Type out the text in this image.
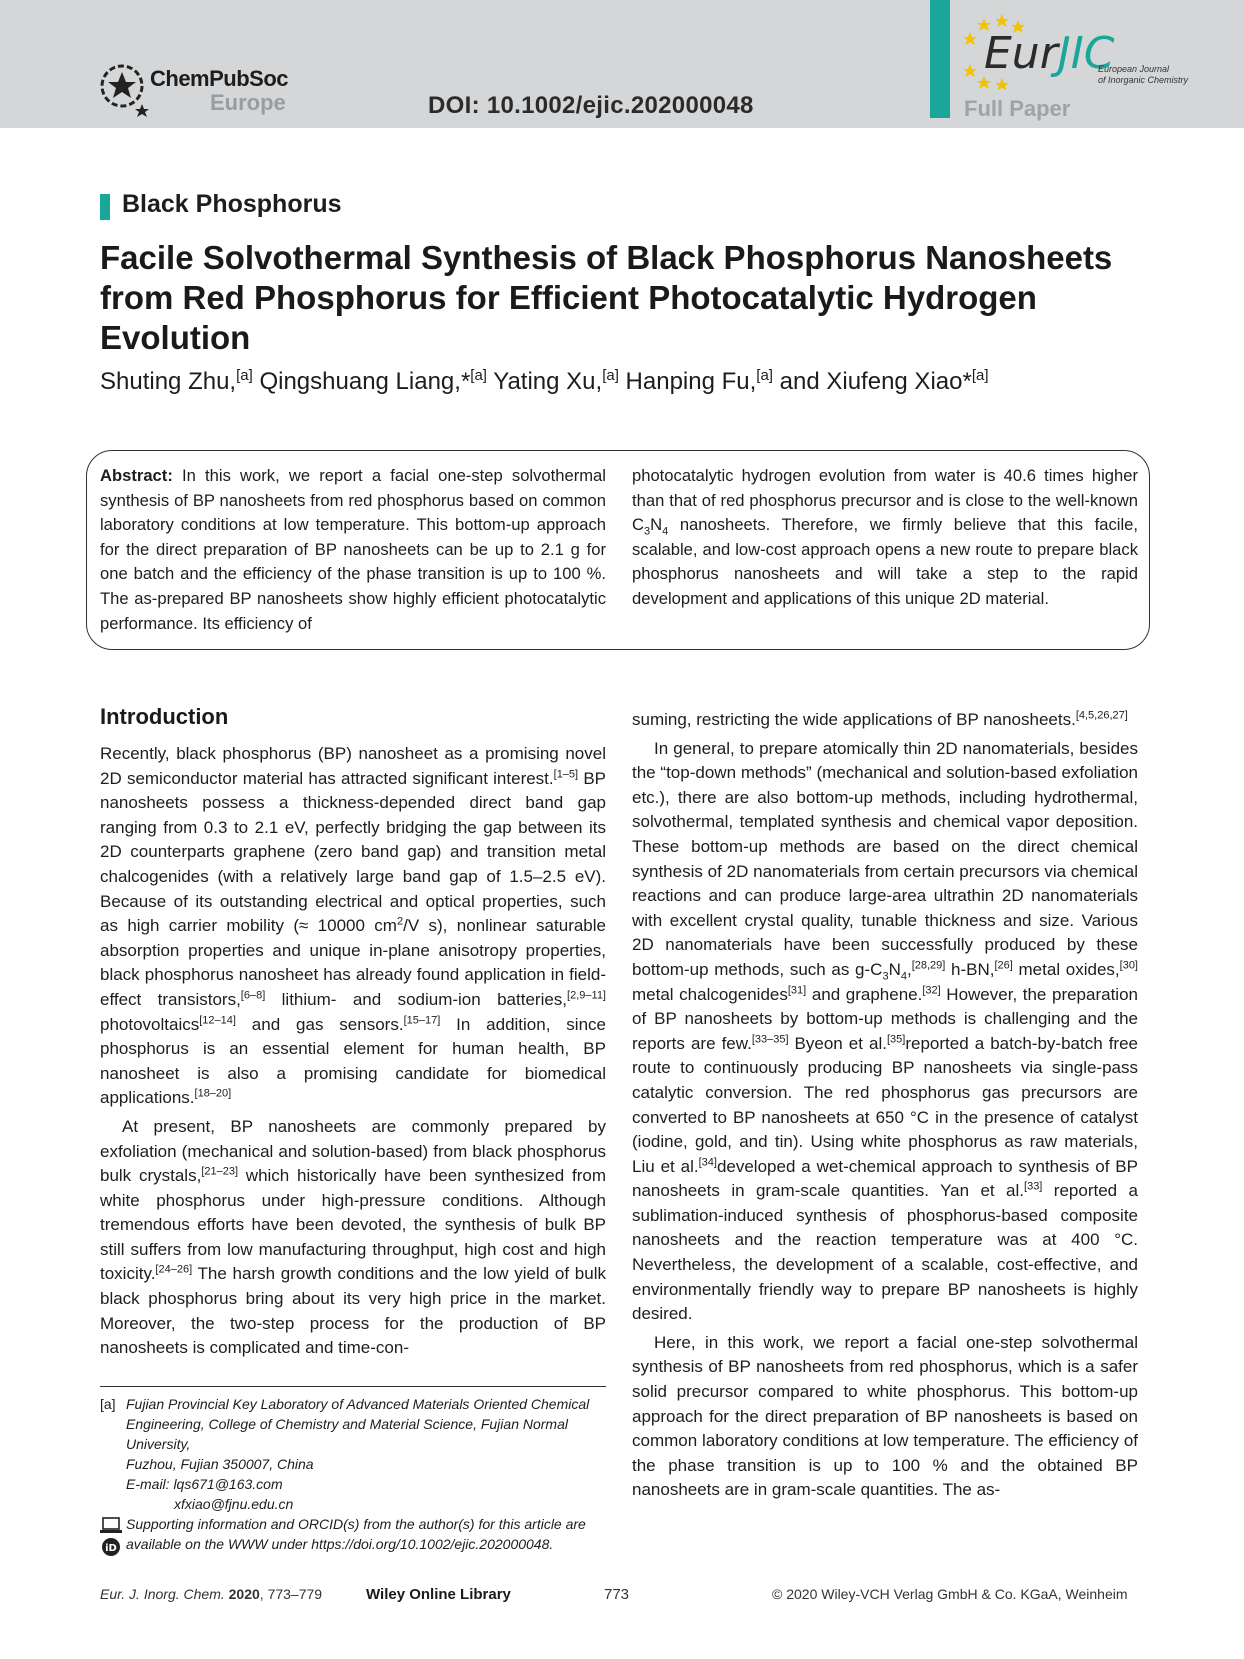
ChemPubSoc
Europe	DOI: 10.1002/ejic.202000048
EurJIC
European Journal
of Inorganic Chemistry
Full Paper
Black Phosphorus
Facile Solvothermal Synthesis of Black Phosphorus Nanosheets from Red Phosphorus for Efficient Photocatalytic Hydrogen Evolution
Shuting Zhu,[a] Qingshuang Liang,*[a] Yating Xu,[a] Hanping Fu,[a] and Xiufeng Xiao*[a]
Abstract: In this work, we report a facial one-step solvothermal synthesis of BP nanosheets from red phosphorus based on common laboratory conditions at low temperature. This bottom-up approach for the direct preparation of BP nanosheets can be up to 2.1 g for one batch and the efficiency of the phase transition is up to 100 %. The as-prepared BP nanosheets show highly efficient photocatalytic performance. Its efficiency of
photocatalytic hydrogen evolution from water is 40.6 times higher than that of red phosphorus precursor and is close to the well-known $C_3N_4$ nanosheets. Therefore, we firmly believe that this facile, scalable, and low-cost approach opens a new route to prepare black phosphorus nanosheets and will take a step to the rapid development and applications of this unique 2D material.
Introduction

Recently, black phosphorus (BP) nanosheet as a promising novel 2D semiconductor material has attracted significant interest.[1–5] BP nanosheets possess a thickness-depended direct band gap ranging from 0.3 to 2.1 eV, perfectly bridging the gap between its 2D counterparts graphene (zero band gap) and transition metal chalcogenides (with a relatively large band gap of 1.5–2.5 eV). Because of its outstanding electrical and optical properties, such as high carrier mobility (≈ 10000 $cm^2/V$ s), nonlinear saturable absorption properties and unique in-plane anisotropy properties, black phosphorus nanosheet has already found application in field-effect transistors,[6–8] lithium- and sodium-ion batteries,[2,9–11] photovoltaics[12–14] and gas sensors.[15–17] In addition, since phosphorus is an essential element for human health, BP nanosheet is also a promising candidate for biomedical applications.[18–20]

At present, BP nanosheets are commonly prepared by exfoliation (mechanical and solution-based) from black phosphorus bulk crystals,[21–23] which historically have been synthesized from white phosphorus under high-pressure conditions. Although tremendous efforts have been devoted, the synthesis of bulk BP still suffers from low manufacturing throughput, high cost and high toxicity.[24–26] The harsh growth conditions and the low yield of bulk black phosphorus bring about its very high price in the market. Moreover, the two-step process for the production of BP nanosheets is complicated and time-con-

suming, restricting the wide applications of BP nanosheets.[4,5,26,27]

In general, to prepare atomically thin 2D nanomaterials, besides the “top-down methods” (mechanical and solution-based exfoliation etc.), there are also bottom-up methods, including hydrothermal, solvothermal, templated synthesis and chemical vapor deposition. These bottom-up methods are based on the direct chemical synthesis of 2D nanomaterials from certain precursors via chemical reactions and can produce large-area ultrathin 2D nanomaterials with excellent crystal quality, tunable thickness and size. Various 2D nanomaterials have been successfully produced by these bottom-up methods, such as $g-C_3N_4,[28,29]$ h-BN,[26] metal oxides,[30] metal chalcogenides[31] and graphene.[32] However, the preparation of BP nanosheets by bottom-up methods is challenging and the reports are few.[33–35] Byeon et al.[35]reported a batch-by-batch free route to continuously producing BP nanosheets via single-pass catalytic conversion. The red phosphorus gas precursors are converted to BP nanosheets at 650 °C in the presence of catalyst (iodine, gold, and tin). Using white phosphorus as raw materials, Liu et al.[34]developed a wet-chemical approach to synthesis of BP nanosheets in gram-scale quantities. Yan et al.[33] reported a sublimation-induced synthesis of phosphorus-based composite nanosheets and the reaction temperature was at 400 °C. Nevertheless, the development of a scalable, cost-effective, and environmentally friendly way to prepare BP nanosheets is highly desired.

Here, in this work, we report a facial one-step solvothermal synthesis of BP nanosheets from red phosphorus, which is a safer solid precursor compared to white phosphorus. This bottom-up approach for the direct preparation of BP nanosheets is based on common laboratory conditions at low temperature. The efficiency of the phase transition is up to 100 % and the obtained BP nanosheets are in gram-scale quantities. The as-

[a] Fujian Provincial Key Laboratory of Advanced Materials Oriented Chemical Engineering, College of Chemistry and Material Science, Fujian Normal University,
Fuzhou, Fujian 350007, China
E-mail: lqs671@163.com
xfxiao@fjnu.edu.cn
Supporting information and ORCID(s) from the author(s) for this article are available on the WWW under https://doi.org/10.1002/ejic.202000048.
iD
Eur. J. Inorg. Chem. 2020, 773–779	Wiley Online Library	773	© 2020 Wiley-VCH Verlag GmbH & Co. KGaA, Weinheim
